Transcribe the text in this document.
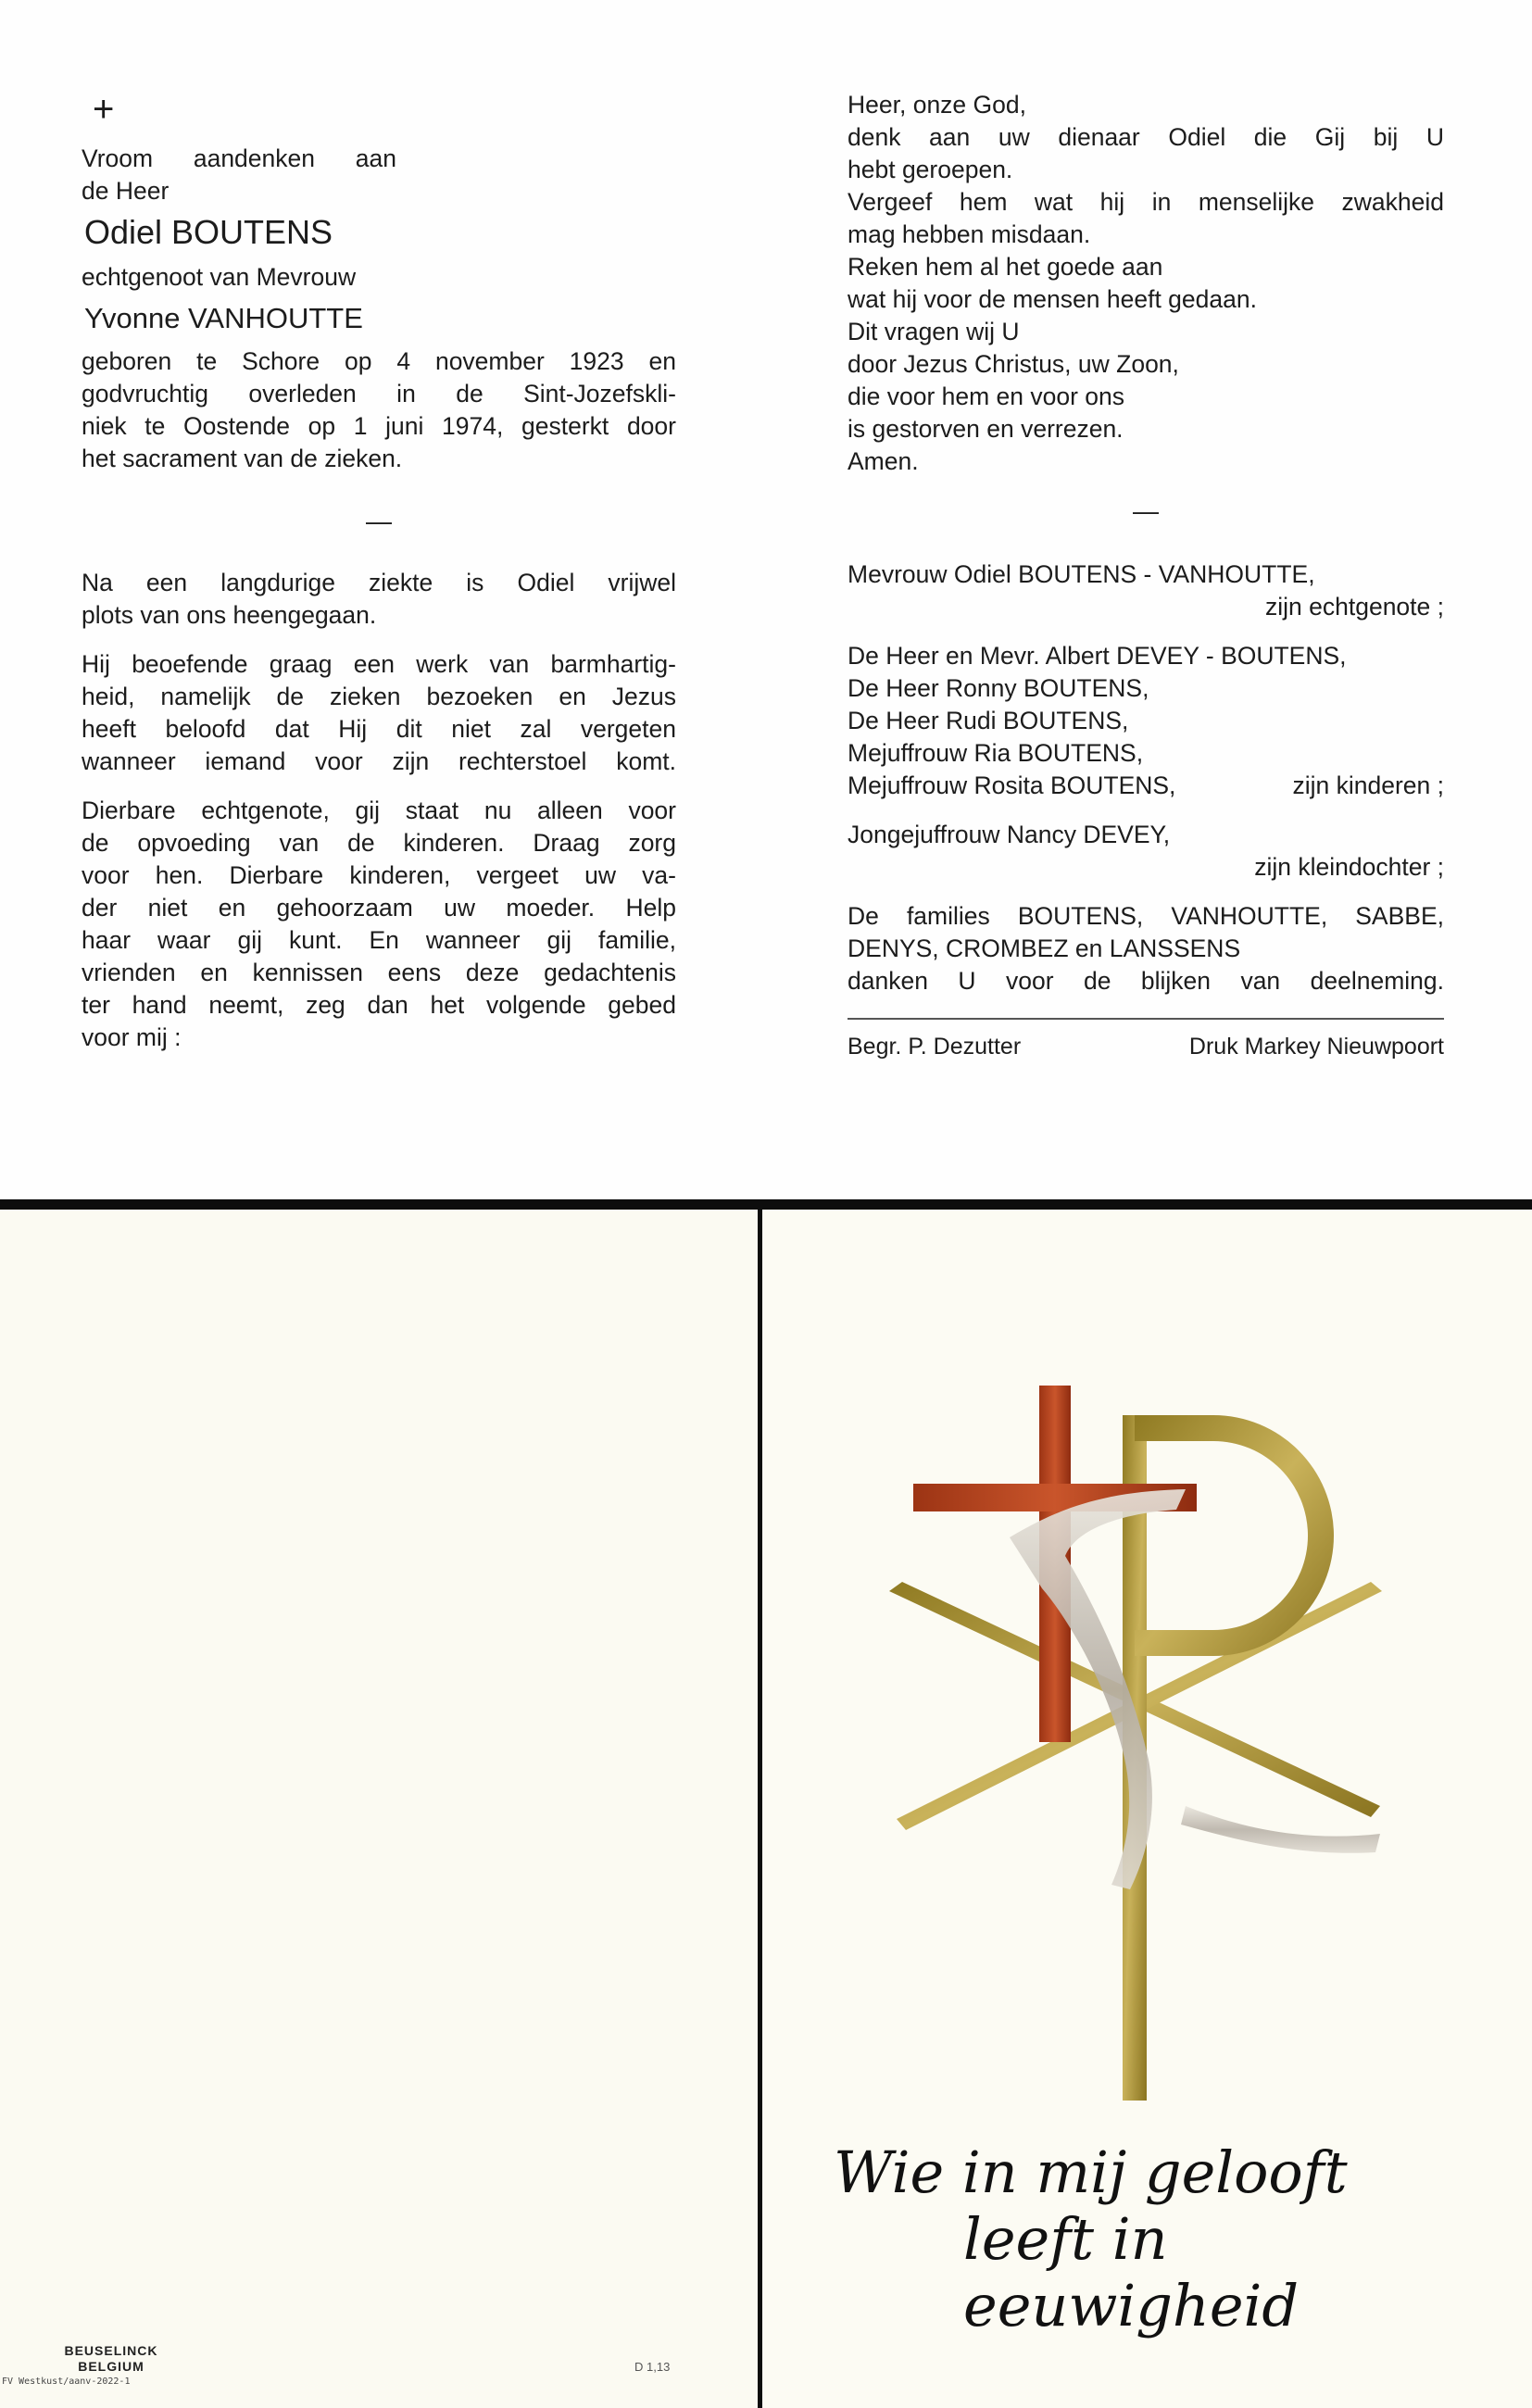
+

Vroom aandenken aan

de Heer

Odiel BOUTENS

echtgenoot van Mevrouw

Yvonne VANHOUTTE

geboren te Schore op 4 november 1923 en

godvruchtig overleden in de Sint-Jozefskli-

niek te Oostende op 1 juni 1974, gesterkt door

het sacrament van de zieken.

—

Na een langdurige ziekte is Odiel vrijwel

plots van ons heengegaan.

Hij beoefende graag een werk van barmhartig-

heid, namelijk de zieken bezoeken en Jezus

heeft beloofd dat Hij dit niet zal vergeten

wanneer iemand voor zijn rechterstoel komt.

Dierbare echtgenote, gij staat nu alleen voor

de opvoeding van de kinderen. Draag zorg

voor hen. Dierbare kinderen, vergeet uw va-

der niet en gehoorzaam uw moeder. Help

haar waar gij kunt. En wanneer gij familie,

vrienden en kennissen eens deze gedachtenis

ter hand neemt, zeg dan het volgende gebed

voor mij :

Heer, onze God,

denk aan uw dienaar Odiel die Gij bij U

hebt geroepen.

Vergeef hem wat hij in menselijke zwakheid

mag hebben misdaan.

Reken hem al het goede aan

wat hij voor de mensen heeft gedaan.

Dit vragen wij U

door Jezus Christus, uw Zoon,

die voor hem en voor ons

is gestorven en verrezen.

Amen.

—

Mevrouw Odiel BOUTENS - VANHOUTTE,

zijn echtgenote ;

De Heer en Mevr. Albert DEVEY - BOUTENS,

De Heer Ronny BOUTENS,

De Heer Rudi BOUTENS,

Mejuffrouw Ria BOUTENS,

Mejuffrouw Rosita BOUTENS,	zijn kinderen ;

Jongejuffrouw Nancy DEVEY,

zijn kleindochter ;

De families BOUTENS, VANHOUTTE, SABBE,

DENYS, CROMBEZ en LANSSENS

danken U voor de blijken van deelneming.

Begr. P. Dezutter	Druk Markey Nieuwpoort

BEUSELINCK
BELGIUM
FV Westkust/aanv-2022-1
D 1,13
Wie in mij gelooft
leeft in eeuwigheid
